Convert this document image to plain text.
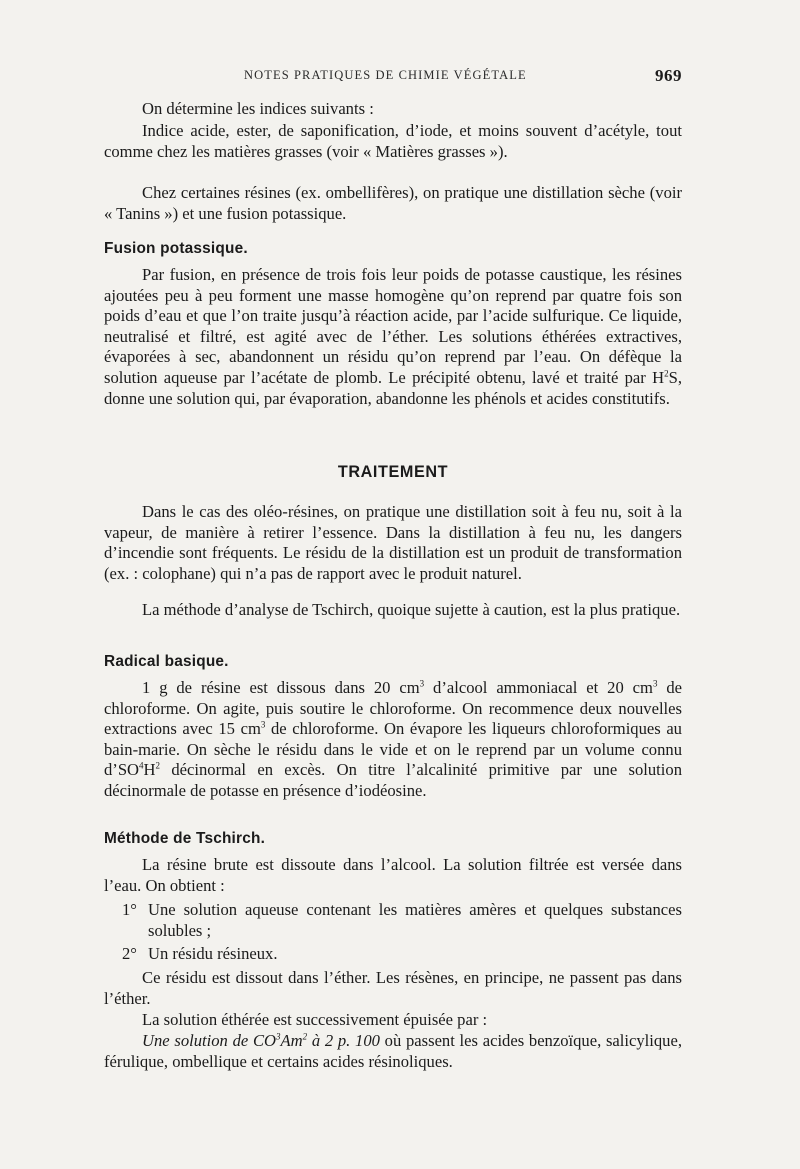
NOTES PRATIQUES DE CHIMIE VÉGÉTALE	969

On détermine les indices suivants :

Indice acide, ester, de saponification, d’iode, et moins souvent d’acétyle, tout comme chez les matières grasses (voir « Matières grasses »).

Chez certaines résines (ex. ombellifères), on pratique une distillation sèche (voir « Tanins ») et une fusion potassique.

Fusion potassique.

Par fusion, en présence de trois fois leur poids de potasse caustique, les résines ajoutées peu à peu forment une masse homogène qu’on reprend par quatre fois son poids d’eau et que l’on traite jusqu’à réaction acide, par l’acide sulfurique. Ce liquide, neutralisé et filtré, est agité avec de l’éther. Les solutions éthérées extractives, évaporées à sec, abandonnent un résidu qu’on reprend par l’eau. On défèque la solution aqueuse par l’acétate de plomb. Le précipité obtenu, lavé et traité par $H^2S$, donne une solution qui, par évaporation, abandonne les phénols et acides constitutifs.

TRAITEMENT

Dans le cas des oléo-résines, on pratique une distillation soit à feu nu, soit à la vapeur, de manière à retirer l’essence. Dans la distillation à feu nu, les dangers d’incendie sont fréquents. Le résidu de la distillation est un produit de transformation (ex. : colophane) qui n’a pas de rapport avec le produit naturel.

La méthode d’analyse de Tschirch, quoique sujette à caution, est la plus pratique.

Radical basique.

1 g de résine est dissous dans 20 $cm^3$ d’alcool ammoniacal et 20 $cm^3$ de chloroforme. On agite, puis soutire le chloroforme. On recommence deux nouvelles extractions avec 15 $cm^3$ de chloroforme. On évapore les liqueurs chloroformiques au bain-marie. On sèche le résidu dans le vide et on le reprend par un volume connu $d’SO^4H^2$ décinormal en excès. On titre l’alcalinité primitive par une solution décinormale de potasse en présence d’iodéosine.

Méthode de Tschirch.

La résine brute est dissoute dans l’alcool. La solution filtrée est versée dans l’eau. On obtient :

1° Une solution aqueuse contenant les matières amères et quelques substances solubles ;
2° Un résidu résineux.

Ce résidu est dissout dans l’éther. Les résènes, en principe, ne passent pas dans l’éther.

La solution éthérée est successivement épuisée par :

Une solution de $CO^3Am^2$ à 2 p. 100 où passent les acides benzoïque, salicylique, férulique, ombellique et certains acides résinoliques.
